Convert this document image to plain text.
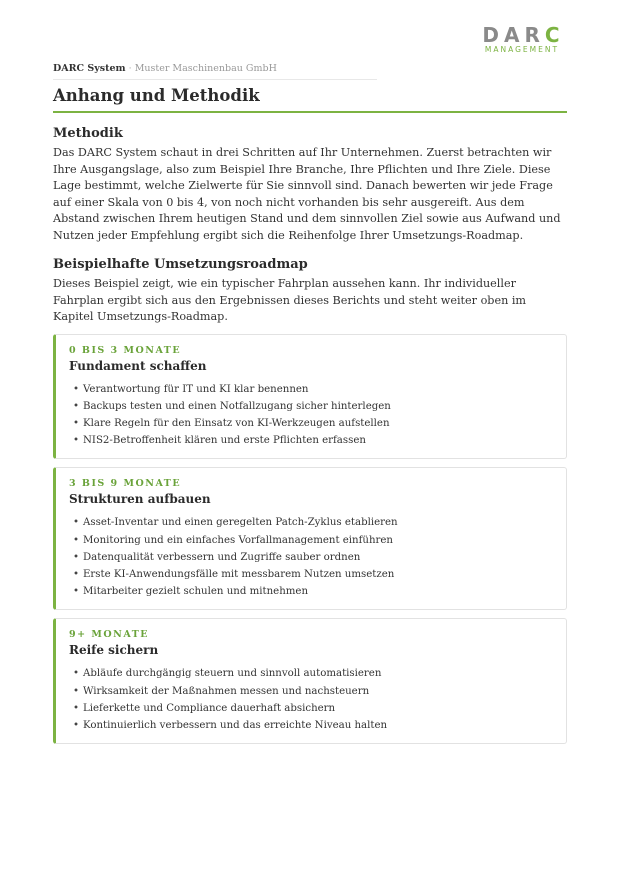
DARC
MANAGEMENT
DARC System · Muster Maschinenbau GmbH
Anhang und Methodik
Methodik

Das DARC System schaut in drei Schritten auf Ihr Unternehmen. Zuerst betrachten wir Ihre Ausgangslage, also zum Beispiel Ihre Branche, Ihre Pflichten und Ihre Ziele. Diese Lage bestimmt, welche Zielwerte für Sie sinnvoll sind. Danach bewerten wir jede Frage auf einer Skala von 0 bis 4, von noch nicht vorhanden bis sehr ausgereift. Aus dem Abstand zwischen Ihrem heutigen Stand und dem sinnvollen Ziel sowie aus Aufwand und Nutzen jeder Empfehlung ergibt sich die Reihenfolge Ihrer Umsetzungs-Roadmap.

Beispielhafte Umsetzungsroadmap

Dieses Beispiel zeigt, wie ein typischer Fahrplan aussehen kann. Ihr individueller Fahrplan ergibt sich aus den Ergebnissen dieses Berichts und steht weiter oben im Kapitel Umsetzungs-Roadmap.

0 BIS 3 MONATE
Fundament schaffen
• Verantwortung für IT und KI klar benennen
• Backups testen und einen Notfallzugang sicher hinterlegen
• Klare Regeln für den Einsatz von KI-Werkzeugen aufstellen
• NIS2-Betroffenheit klären und erste Pflichten erfassen
3 BIS 9 MONATE
Strukturen aufbauen
• Asset-Inventar und einen geregelten Patch-Zyklus etablieren
• Monitoring und ein einfaches Vorfallmanagement einführen
• Datenqualität verbessern und Zugriffe sauber ordnen
• Erste KI-Anwendungsfälle mit messbarem Nutzen umsetzen
• Mitarbeiter gezielt schulen und mitnehmen
9+ MONATE
Reife sichern
• Abläufe durchgängig steuern und sinnvoll automatisieren
• Wirksamkeit der Maßnahmen messen und nachsteuern
• Lieferkette und Compliance dauerhaft absichern
• Kontinuierlich verbessern und das erreichte Niveau halten
